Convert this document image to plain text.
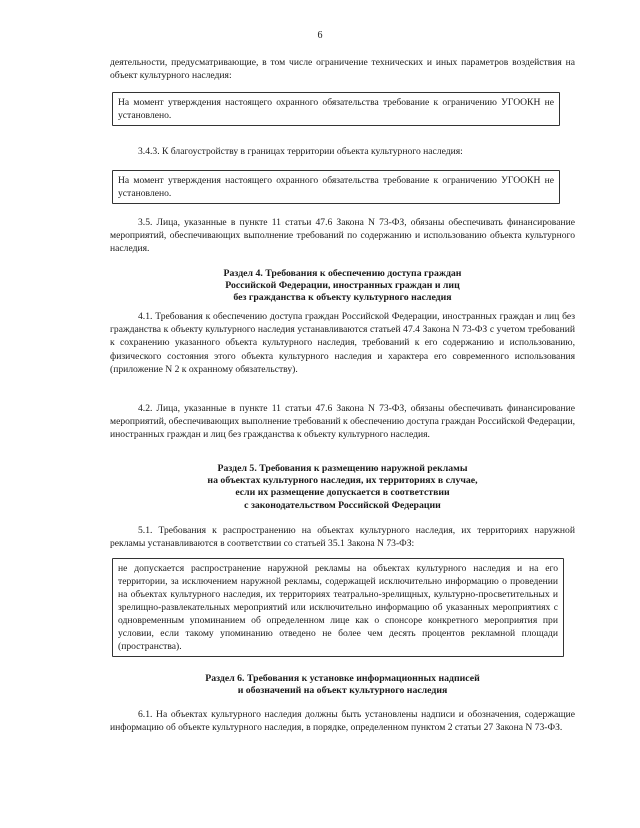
6

деятельности, предусматривающие, в том числе ограничение технических и иных параметров воздействия на объект культурного наследия:

На момент утверждения настоящего охранного обязательства требование к ограничению УГООКН не установлено.

3.4.3. К благоустройству в границах территории объекта культурного наследия:

На момент утверждения настоящего охранного обязательства требование к ограничению УГООКН не установлено.

3.5. Лица, указанные в пункте 11 статьи 47.6 Закона N 73-ФЗ, обязаны обеспечивать финансирование мероприятий, обеспечивающих выполнение требований по содержанию и использованию объекта культурного наследия.

Раздел 4. Требования к обеспечению доступа граждан
Российской Федерации, иностранных граждан и лиц
без гражданства к объекту культурного наследия

4.1. Требования к обеспечению доступа граждан Российской Федерации, иностранных граждан и лиц без гражданства к объекту культурного наследия устанавливаются статьей 47.4 Закона N 73-ФЗ с учетом требований к сохранению указанного объекта культурного наследия, требований к его содержанию и использованию, физического состояния этого объекта культурного наследия и характера его современного использования (приложение N 2 к охранному обязательству).

4.2. Лица, указанные в пункте 11 статьи 47.6 Закона N 73-ФЗ, обязаны обеспечивать финансирование мероприятий, обеспечивающих выполнение требований к обеспечению доступа граждан Российской Федерации, иностранных граждан и лиц без гражданства к объекту культурного наследия.

Раздел 5. Требования к размещению наружной рекламы
на объектах культурного наследия, их территориях в случае,
если их размещение допускается в соответствии
с законодательством Российской Федерации

5.1. Требования к распространению на объектах культурного наследия, их территориях наружной рекламы устанавливаются в соответствии со статьей 35.1 Закона N 73-ФЗ:

не допускается распространение наружной рекламы на объектах культурного наследия и на его территории, за исключением наружной рекламы, содержащей исключительно информацию о проведении на объектах культурного наследия, их территориях театрально-зрелищных, культурно-просветительных и зрелищно-развлекательных мероприятий или исключительно информацию об указанных мероприятиях с одновременным упоминанием об определенном лице как о спонсоре конкретного мероприятия при условии, если такому упоминанию отведено не более чем десять процентов рекламной площади (пространства).
Раздел 6. Требования к установке информационных надписей
и обозначений на объект культурного наследия

6.1. На объектах культурного наследия должны быть установлены надписи и обозначения, содержащие информацию об объекте культурного наследия, в порядке, определенном пунктом 2 статьи 27 Закона N 73-ФЗ.
